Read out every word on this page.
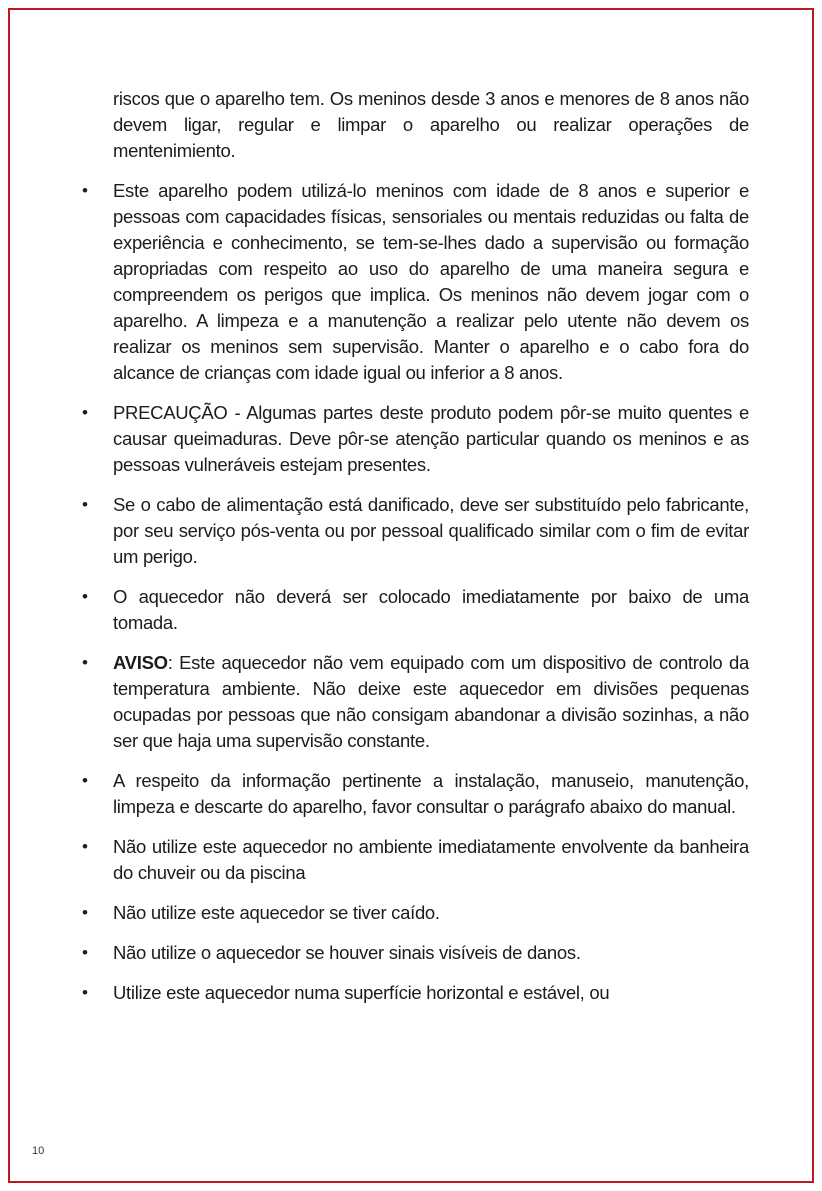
riscos que o aparelho tem. Os meninos desde 3 anos e menores de 8 anos não devem ligar, regular e limpar o aparelho ou realizar operações de mentenimiento.

• Este aparelho podem utilizá-lo meninos com idade de 8 anos e superior e pessoas com capacidades físicas, sensoriales ou mentais reduzidas ou falta de experiência e conhecimento, se tem-se-lhes dado a supervisão ou formação apropriadas com respeito ao uso do aparelho de uma maneira segura e compreendem os perigos que implica. Os meninos não devem jogar com o aparelho. A limpeza e a manutenção a realizar pelo utente não devem os realizar os meninos sem supervisão. Manter o aparelho e o cabo fora do alcance de crianças com idade igual ou inferior a 8 anos.
• PRECAUÇÃO - Algumas partes deste produto podem pôr-se muito quentes e causar queimaduras. Deve pôr-se atenção particular quando os meninos e as pessoas vulneráveis estejam presentes.
• Se o cabo de alimentação está danificado, deve ser substituído pelo fabricante, por seu serviço pós-venta ou por pessoal qualificado similar com o fim de evitar um perigo.
• O aquecedor não deverá ser colocado imediatamente por baixo de uma tomada.
• AVISO: Este aquecedor não vem equipado com um dispositivo de controlo da temperatura ambiente. Não deixe este aquecedor em divisões pequenas ocupadas por pessoas que não consigam abandonar a divisão sozinhas, a não ser que haja uma supervisão constante.
• A respeito da informação pertinente a instalação, manuseio, manutenção, limpeza e descarte do aparelho, favor consultar o parágrafo abaixo do manual.
• Não utilize este aquecedor no ambiente imediatamente envolvente da banheira do chuveir ou da piscina
• Não utilize este aquecedor se tiver caído.
• Não utilize o aquecedor se houver sinais visíveis de danos.
• Utilize este aquecedor numa superfície horizontal e estável, ou
10
